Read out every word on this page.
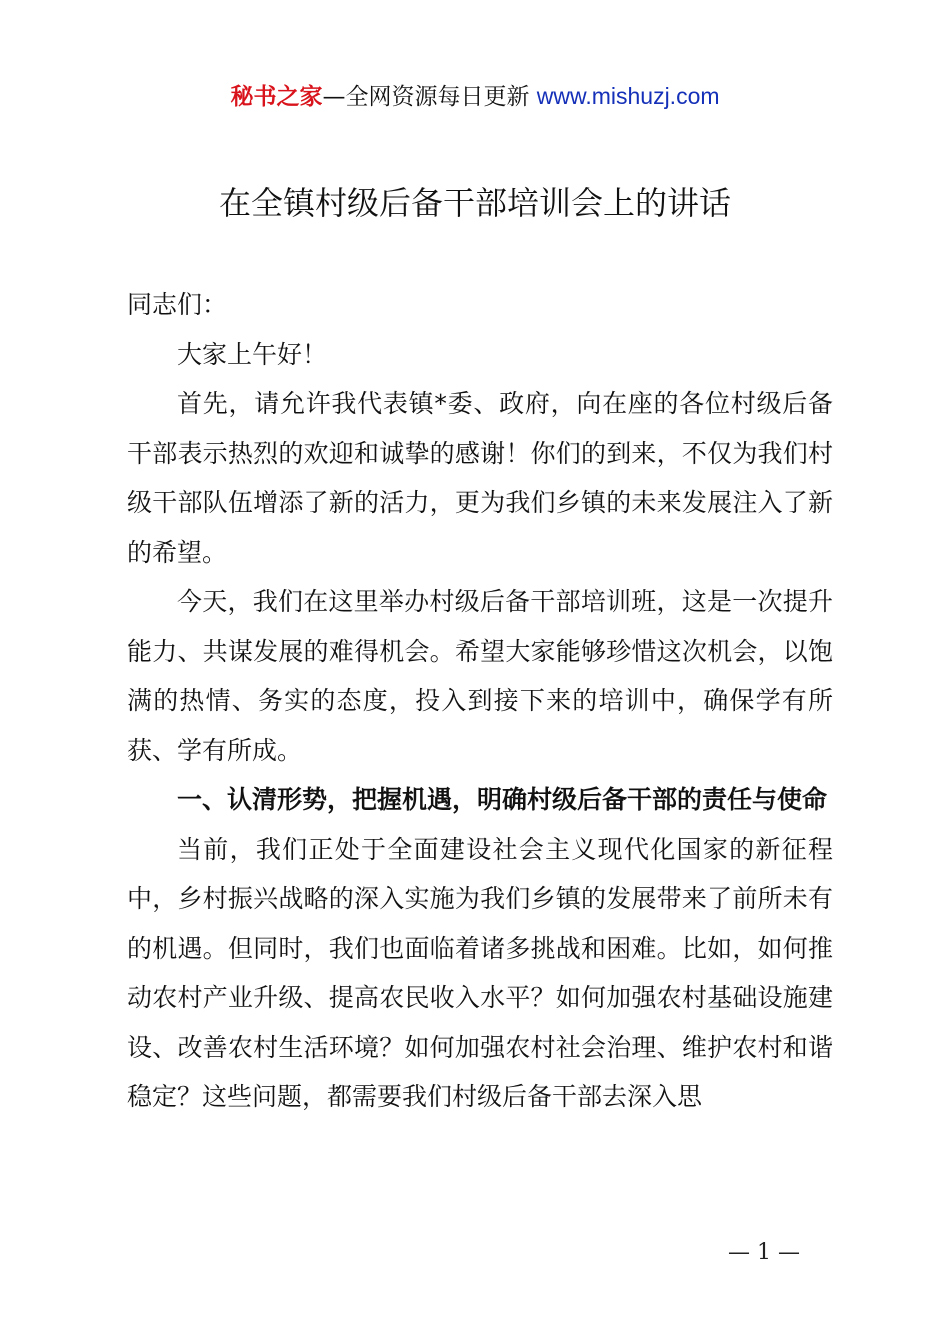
秘书之家—全网资源每日更新 www.mishuzj.com
在全镇村级后备干部培训会上的讲话

同志们：

大家上午好！

首先，请允许我代表镇*委、政府，向在座的各位村级后备干部表示热烈的欢迎和诚挚的感谢！你们的到来，不仅为我们村级干部队伍增添了新的活力，更为我们乡镇的未来发展注入了新的希望。

今天，我们在这里举办村级后备干部培训班，这是一次提升能力、共谋发展的难得机会。希望大家能够珍惜这次机会，以饱满的热情、务实的态度，投入到接下来的培训中，确保学有所获、学有所成。

一、认清形势，把握机遇，明确村级后备干部的责任与使命

当前，我们正处于全面建设社会主义现代化国家的新征程中，乡村振兴战略的深入实施为我们乡镇的发展带来了前所未有的机遇。但同时，我们也面临着诸多挑战和困难。比如，如何推动农村产业升级、提高农民收入水平？如何加强农村基础设施建设、改善农村生活环境？如何加强农村社会治理、维护农村和谐稳定？这些问题，都需要我们村级后备干部去深入思

— 1 —
